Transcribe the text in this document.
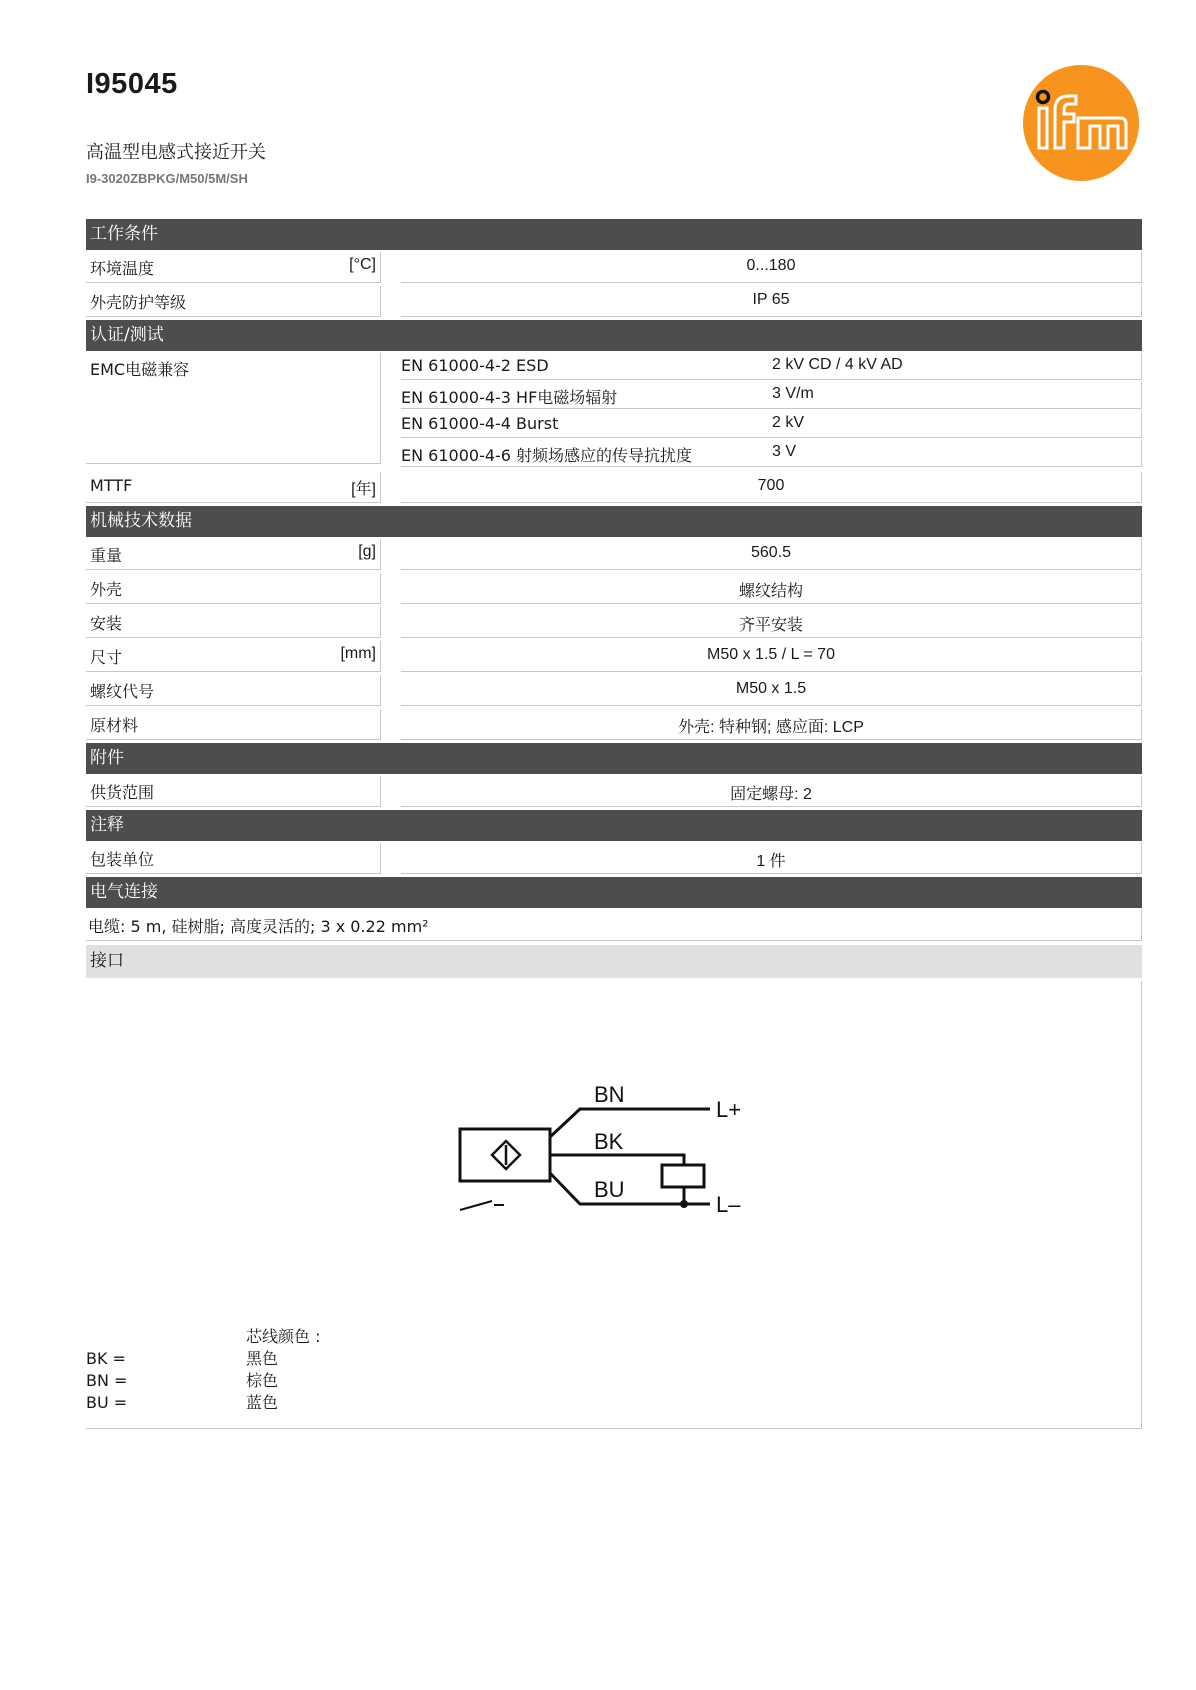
I95045
高温型电感式接近开关
I9-3020ZBPKG/M50/5M/SH
工作条件
环境温度	[°C]	0...180
外壳防护等级	IP 65
认证/测试
EMC电磁兼容	EN 61000-4-2 ESD	2 kV CD / 4 kV AD
EN 61000-4-3 HF电磁场辐射	3 V/m
EN 61000-4-4 Burst	2 kV
EN 61000-4-6 射频场感应的传导抗扰度	3 V
MTTF	[年]	700
机械技术数据
重量	[g]	560.5
外壳	螺纹结构
安装	齐平安装
尺寸	[mm]	M50 x 1.5 / L = 70
螺纹代号	M50 x 1.5
原材料	外壳: 特种钢; 感应面: LCP
附件
供货范围	固定螺母: 2
注释
包装单位	1 件
电气连接
电缆: 5 m, 硅树脂; 高度灵活的; 3 x 0.22 mm²
接口
BN
BK
BU
L+
L–
芯线颜色 :
BK =	黑色
BN =	棕色
BU =	蓝色
